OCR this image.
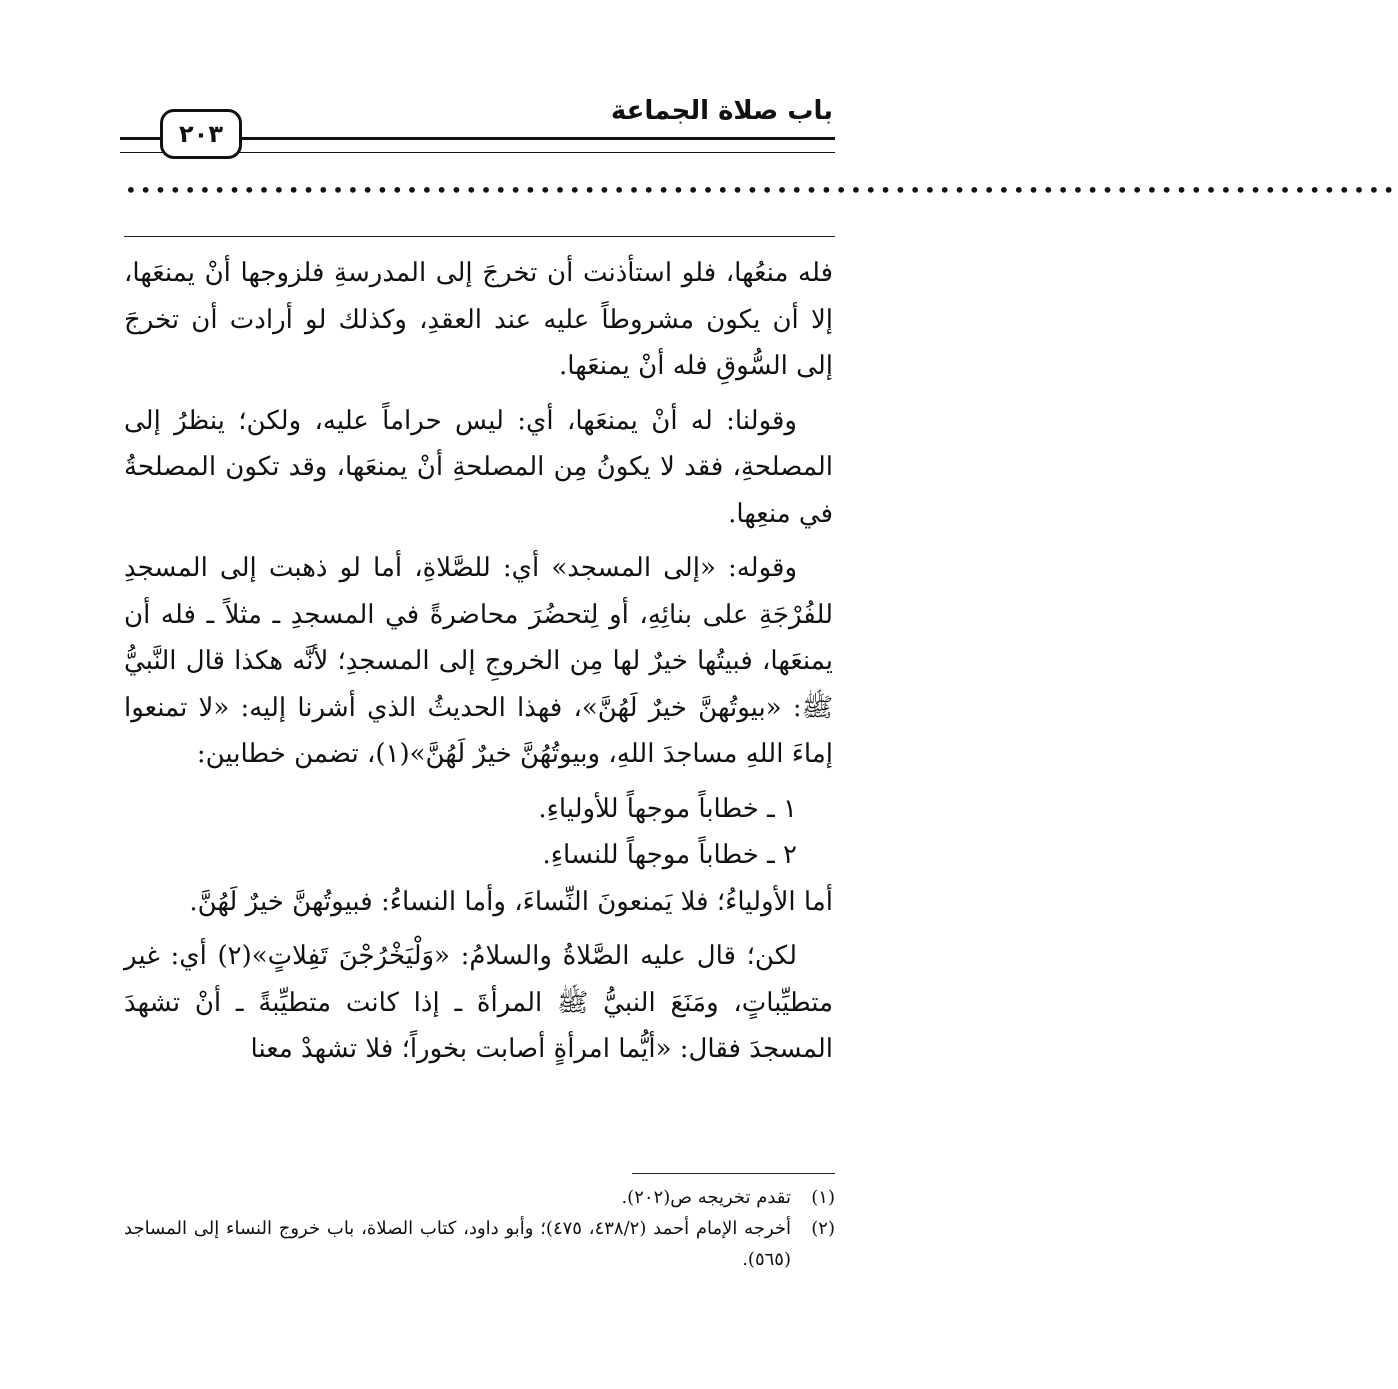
باب صلاة الجماعة
٢٠٣
••••••••••••••••••••••••••••••••••••••••••••••••••••••••••••••••••••••••••••••••••••••

فله منعُها، فلو استأذنت أن تخرجَ إلى المدرسةِ فلزوجها أنْ يمنعَها، إلا أن يكون مشروطاً عليه عند العقدِ، وكذلك لو أرادت أن تخرجَ إلى السُّوقِ فله أنْ يمنعَها.

وقولنا: له أنْ يمنعَها، أي: ليس حراماً عليه، ولكن؛ ينظرُ إلى المصلحةِ، فقد لا يكونُ مِن المصلحةِ أنْ يمنعَها، وقد تكون المصلحةُ في منعِها.

وقوله: «إلى المسجد» أي: للصَّلاةِ، أما لو ذهبت إلى المسجدِ للفُرْجَةِ على بنائِهِ، أو لِتحضُرَ محاضرةً في المسجدِ ـ مثلاً ـ فله أن يمنعَها، فبيتُها خيرٌ لها مِن الخروجِ إلى المسجدِ؛ لأنَّه هكذا قال النَّبيُّ ﷺ: «بيوتُهنَّ خيرٌ لَهُنَّ»، فهذا الحديثُ الذي أشرنا إليه: «لا تمنعوا إماءَ اللهِ مساجدَ اللهِ، وبيوتُهُنَّ خيرٌ لَهُنَّ»(١)، تضمن خطابين:

١ ـ خطاباً موجهاً للأولياءِ.

٢ ـ خطاباً موجهاً للنساءِ.

أما الأولياءُ؛ فلا يَمنعونَ النِّساءَ، وأما النساءُ: فبيوتُهنَّ خيرٌ لَهُنَّ.

لكن؛ قال عليه الصَّلاةُ والسلامُ: «وَلْيَخْرُجْنَ تَفِلاتٍ»(٢) أي: غير متطيِّباتٍ، ومَنَعَ النبيُّ ﷺ المرأةَ ـ إذا كانت متطيِّبةً ـ أنْ تشهدَ المسجدَ فقال: «أيُّما امرأةٍ أصابت بخوراً؛ فلا تشهدْ معنا

(١)
تقدم تخريجه ص(٢٠٢).
(٢)
أخرجه الإمام أحمد (٤٣٨/٢، ٤٧٥)؛ وأبو داود، كتاب الصلاة، باب خروج النساء إلى المساجد (٥٦٥).
